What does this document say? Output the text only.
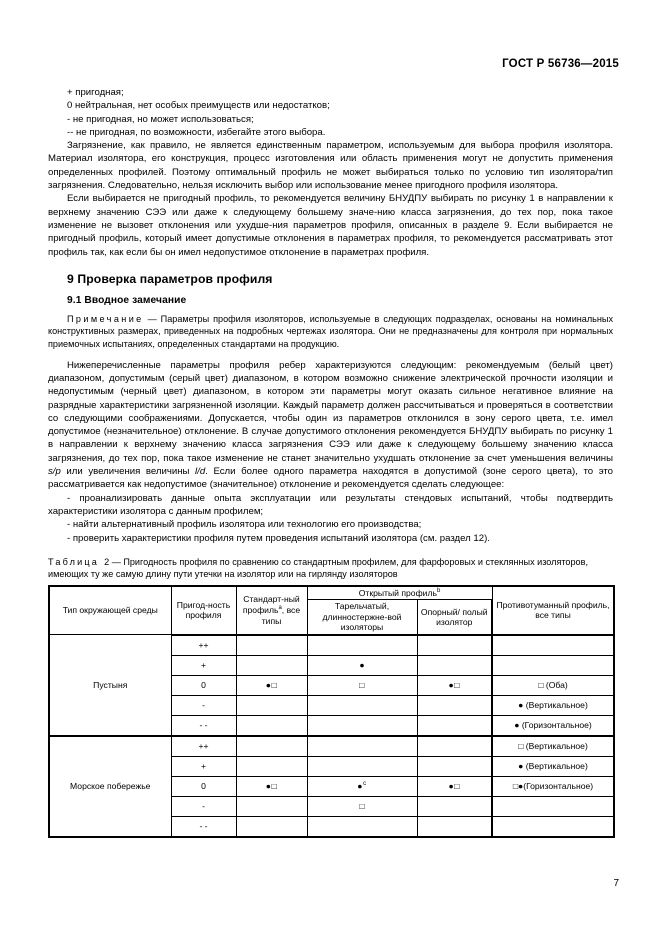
ГОСТ Р 56736—2015

+ пригодная;

0 нейтральная, нет особых преимуществ или недостатков;

- не пригодная, но может использоваться;

-- не пригодная, по возможности, избегайте этого выбора.

Загрязнение, как правило, не является единственным параметром, используемым для выбора профиля изолятора. Материал изолятора, его конструкция, процесс изготовления или область применения могут не допустить применения определенных профилей. Поэтому оптимальный профиль не может выбираться только по условию тип изолятора/тип загрязнения. Следовательно, нельзя исключить выбор или использование менее пригодного профиля изолятора.

Если выбирается не пригодный профиль, то рекомендуется величину БНУДПУ выбирать по рисунку 1 в направлении к верхнему значению СЭЭ или даже к следующему большему значе-нию класса загрязнения, до тех пор, пока такое изменение не вызовет отклонения или ухудше-ния параметров профиля, описанных в разделе 9. Если выбирается не пригодный профиль, который имеет допустимые отклонения в параметрах профиля, то рекомендуется рассматривать этот профиль так, как если бы он имел недопустимое отклонение в параметрах профиля.

9 Проверка параметров профиля
9.1 Вводное замечание

Примечание — Параметры профиля изоляторов, используемые в следующих подразделах, основаны на номинальных конструктивных размерах, приведенных на подробных чертежах изолятора. Они не предназначены для контроля при нормальных приемочных испытаниях, определенных стандартами на продукцию.

Нижеперечисленные параметры профиля ребер характеризуются следующим: рекомендуемым (белый цвет) диапазоном, допустимым (серый цвет) диапазоном, в котором возможно снижение электрической прочности изоляции и недопустимым (черный цвет) диапазоном, в котором эти параметры могут оказать сильное негативное влияние на разрядные характеристики загрязненной изоляции. Каждый параметр должен рассчитываться и проверяться в соответствии со следующими соображениями. Допускается, чтобы один из параметров отклонился в зону серого цвета, т.е. имел допустимое (незначительное) отклонение. В случае допустимого отклонения рекомендуется БНУДПУ выбирать по рисунку 1 в направлении к верхнему значению класса загрязнения СЭЭ или даже к следующему большему значению класса загрязнения, до тех пор, пока такое изменение не станет значительно ухудшать отклонение за счет уменьшения величины s/p или увеличения величины l/d. Если более одного параметра находятся в допустимой (зоне серого цвета), то это рассматривается как недопустимое (значительное) отклонение и рекомендуется сделать следующее:

- проанализировать данные опыта эксплуатации или результаты стендовых испытаний, чтобы подтвердить характеристики изолятора с данным профилем;

- найти альтернативный профиль изолятора или технологию его производства;

- проверить характеристики профиля путем проведения испытаний изолятора (см. раздел 12).

Таблица 2 — Пригодность профиля по сравнению со стандартным профилем, для фарфоровых и стеклянных изоляторов, имеющих ту же самую длину пути утечки на изолятор или на гирлянду изоляторов
Тип окружающей среды	Пригод-ность профиля	Стандарт-ный профиль$^a$, все типы	Открытый профиль$^b$		Противотуманный профиль, все типы
			Тарельчатый, длинностержне-вой изоляторы	Опорный/ полый изолятор	
Пустыня	++				
	+		●		
	0	●□	□	●□	□ (Оба)
	-				● (Вертикальное)
	- -				● (Горизонтальное)
Морское побережье	++				□ (Вертикальное)
	+				● (Вертикальное)
	0	●□	●$^c$	●□	□●(Горизонтальное)
	-		□		
	- -				
7
